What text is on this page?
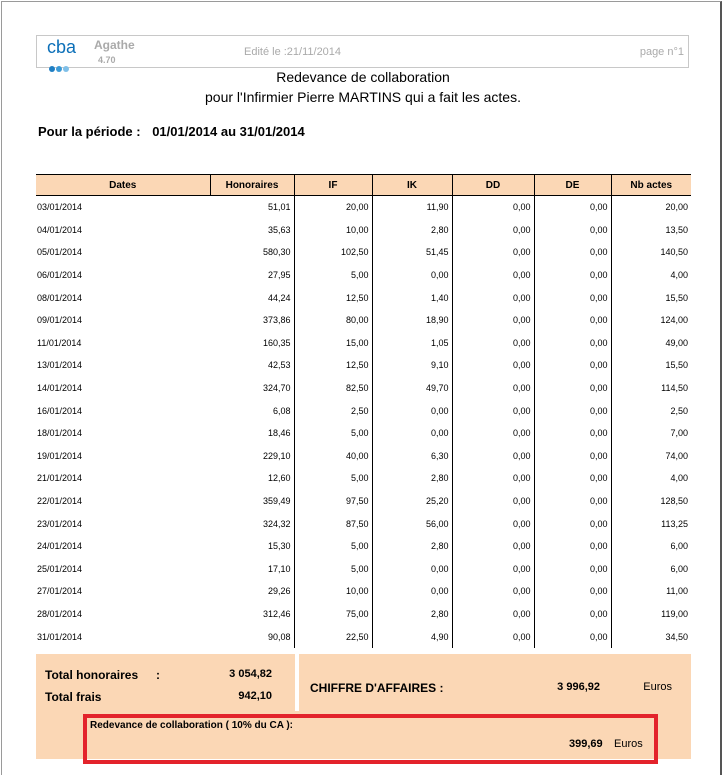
cba Agathe
4.70
Edité le :21/11/2014	page n°1
Redevance de collaboration
pour l'Infirmier Pierre MARTINS qui a fait les actes.
Pour la période : 01/01/2014 au 31/01/2014
Dates	Honoraires	IF	IK	DD	DE	Nb actes
03/01/2014	51,01	20,00	11,90	0,00	0,00	20,00
04/01/2014	35,63	10,00	2,80	0,00	0,00	13,50
05/01/2014	580,30	102,50	51,45	0,00	0,00	140,50
06/01/2014	27,95	5,00	0,00	0,00	0,00	4,00
08/01/2014	44,24	12,50	1,40	0,00	0,00	15,50
09/01/2014	373,86	80,00	18,90	0,00	0,00	124,00
11/01/2014	160,35	15,00	1,05	0,00	0,00	49,00
13/01/2014	42,53	12,50	9,10	0,00	0,00	15,50
14/01/2014	324,70	82,50	49,70	0,00	0,00	114,50
16/01/2014	6,08	2,50	0,00	0,00	0,00	2,50
18/01/2014	18,46	5,00	0,00	0,00	0,00	7,00
19/01/2014	229,10	40,00	6,30	0,00	0,00	74,00
21/01/2014	12,60	5,00	2,80	0,00	0,00	4,00
22/01/2014	359,49	97,50	25,20	0,00	0,00	128,50
23/01/2014	324,32	87,50	56,00	0,00	0,00	113,25
24/01/2014	15,30	5,00	2,80	0,00	0,00	6,00
25/01/2014	17,10	5,00	0,00	0,00	0,00	6,00
27/01/2014	29,26	10,00	0,00	0,00	0,00	11,00
28/01/2014	312,46	75,00	2,80	0,00	0,00	119,00
31/01/2014	90,08	22,50	4,90	0,00	0,00	34,50
Total honoraires :	3 054,82
Total frais	942,10
CHIFFRE D'AFFAIRES :	3 996,92	Euros
Redevance de collaboration ( 10% du CA ):
399,69 Euros
